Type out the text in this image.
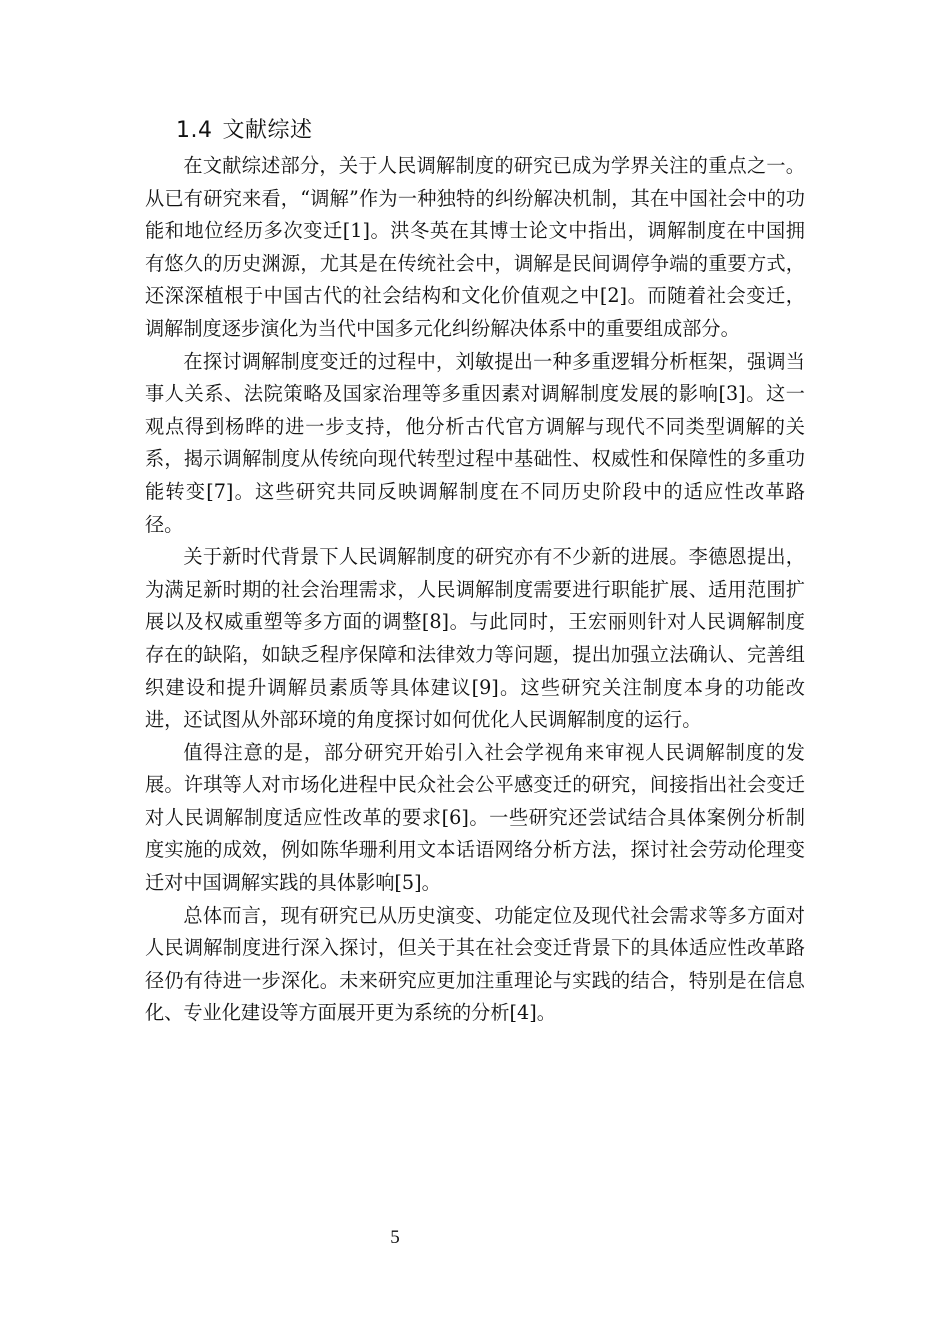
1.4 文献综述

在文献综述部分，关于人民调解制度的研究已成为学界关注的重点之一。从已有研究来看，“调解”作为一种独特的纠纷解决机制，其在中国社会中的功能和地位经历多次变迁[1]。洪冬英在其博士论文中指出，调解制度在中国拥有悠久的历史渊源，尤其是在传统社会中，调解是民间调停争端的重要方式，还深深植根于中国古代的社会结构和文化价值观之中[2]。而随着社会变迁，调解制度逐步演化为当代中国多元化纠纷解决体系中的重要组成部分。

在探讨调解制度变迁的过程中，刘敏提出一种多重逻辑分析框架，强调当事人关系、法院策略及国家治理等多重因素对调解制度发展的影响[3]。这一观点得到杨晔的进一步支持，他分析古代官方调解与现代不同类型调解的关系，揭示调解制度从传统向现代转型过程中基础性、权威性和保障性的多重功能转变[7]。这些研究共同反映调解制度在不同历史阶段中的适应性改革路径。

关于新时代背景下人民调解制度的研究亦有不少新的进展。李德恩提出，为满足新时期的社会治理需求，人民调解制度需要进行职能扩展、适用范围扩展以及权威重塑等多方面的调整[8]。与此同时，王宏丽则针对人民调解制度存在的缺陷，如缺乏程序保障和法律效力等问题，提出加强立法确认、完善组织建设和提升调解员素质等具体建议[9]。这些研究关注制度本身的功能改进，还试图从外部环境的角度探讨如何优化人民调解制度的运行。

值得注意的是，部分研究开始引入社会学视角来审视人民调解制度的发展。许琪等人对市场化进程中民众社会公平感变迁的研究，间接指出社会变迁对人民调解制度适应性改革的要求[6]。一些研究还尝试结合具体案例分析制度实施的成效，例如陈华珊利用文本话语网络分析方法，探讨社会劳动伦理变迁对中国调解实践的具体影响[5]。

总体而言，现有研究已从历史演变、功能定位及现代社会需求等多方面对人民调解制度进行深入探讨，但关于其在社会变迁背景下的具体适应性改革路径仍有待进一步深化。未来研究应更加注重理论与实践的结合，特别是在信息化、专业化建设等方面展开更为系统的分析[4]。

5
